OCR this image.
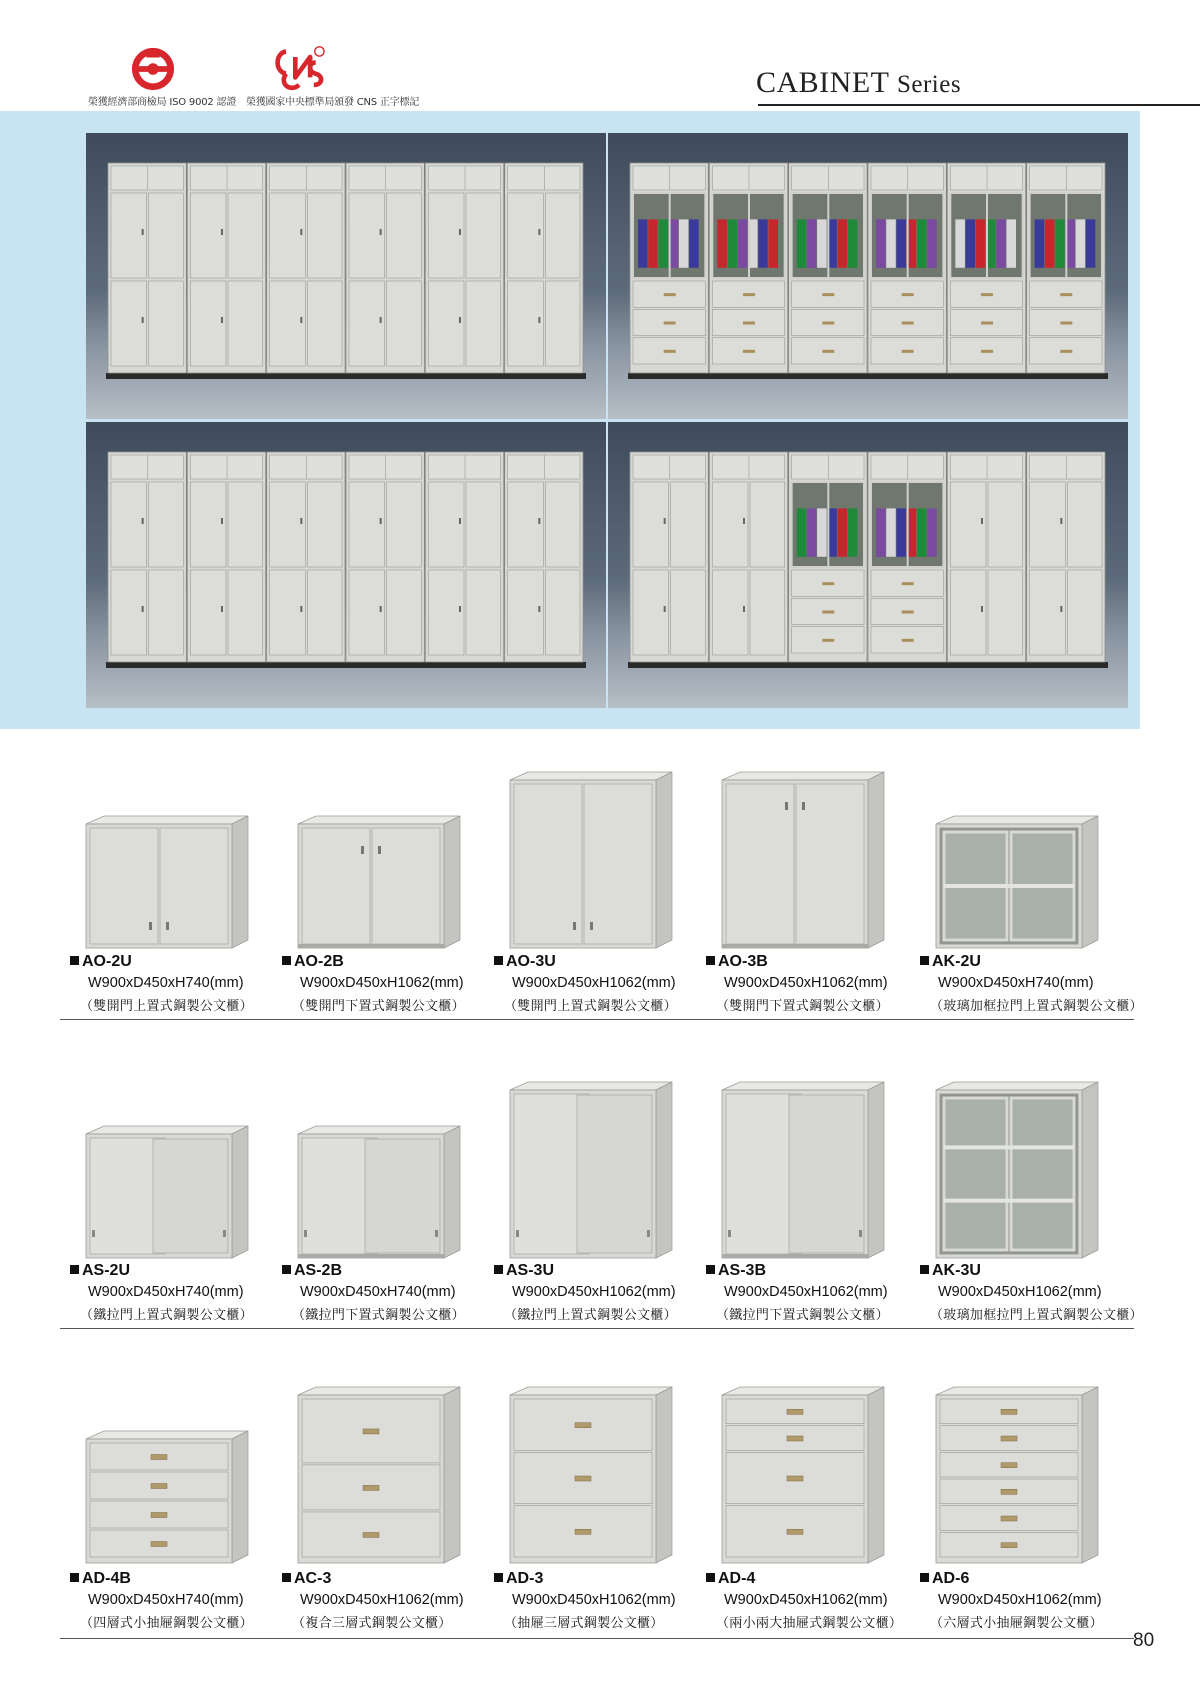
榮獲經濟部商檢局 ISO 9002 認證　榮獲國家中央標準局頒發 CNS 正字標記
CABINET Series
AO-2U
W900xD450xH740(mm)
（雙開門上置式鋼製公文櫃）
AO-2B
W900xD450xH1062(mm)
（雙開門下置式鋼製公文櫃）
AO-3U
W900xD450xH1062(mm)
（雙開門上置式鋼製公文櫃）
AO-3B
W900xD450xH1062(mm)
（雙開門下置式鋼製公文櫃）
AK-2U
W900xD450xH740(mm)
（玻璃加框拉門上置式鋼製公文櫃）
AS-2U
W900xD450xH740(mm)
（鐵拉門上置式鋼製公文櫃）
AS-2B
W900xD450xH740(mm)
（鐵拉門下置式鋼製公文櫃）
AS-3U
W900xD450xH1062(mm)
（鐵拉門上置式鋼製公文櫃）
AS-3B
W900xD450xH1062(mm)
（鐵拉門下置式鋼製公文櫃）
AK-3U
W900xD450xH1062(mm)
（玻璃加框拉門上置式鋼製公文櫃）
AD-4B
W900xD450xH740(mm)
（四層式小抽屜鋼製公文櫃）
AC-3
W900xD450xH1062(mm)
（複合三層式鋼製公文櫃）
AD-3
W900xD450xH1062(mm)
（抽屜三層式鋼製公文櫃）
AD-4
W900xD450xH1062(mm)
（兩小兩大抽屜式鋼製公文櫃）
AD-6
W900xD450xH1062(mm)
（六層式小抽屜鋼製公文櫃）
80
